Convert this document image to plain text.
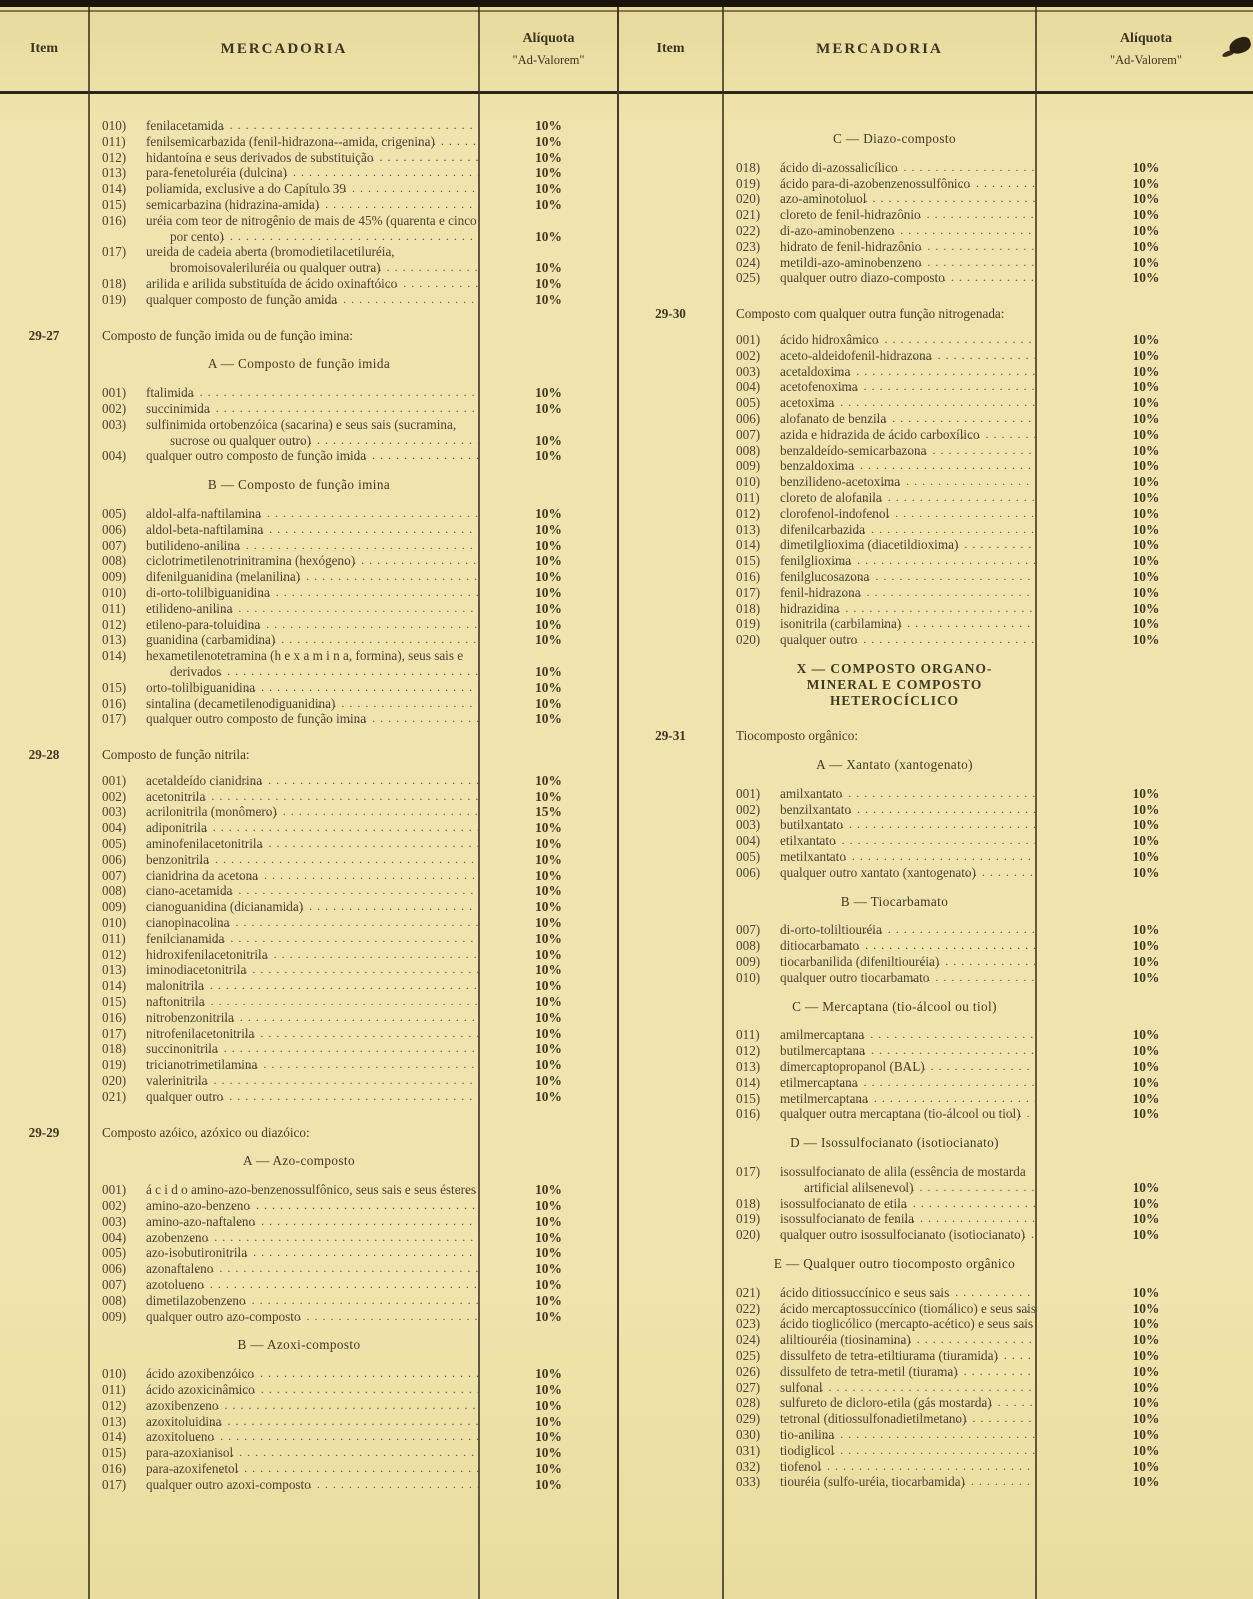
Item	MERCADORIA
Alíquota
"Ad-Valorem"
010)	fenilacetamida . . .	10%
011)	fenilsemicarbazida (fenil-hidrazona--amida, crigenina) . . .	10%
012)	hidantoína e seus derivados de substituição . . .	10%
013)	para-fenetoluréia (dulcina) . . .	10%
014)	poliamida, exclusive a do Capítulo 39 . . .	10%
015)	semicarbazina (hidrazina-amida) . . .	10%
016)	uréia com teor de nitrogênio de mais de 45% (quarenta e cinco por cento) . . .	10%
017)	ureida de cadeia aberta (bromodietilacetiluréia, bromoisovaleriluréia ou qualquer outra) . . .	10%
018)	arilida e arilida substituída de ácido oxinaftóico . . .	10%
019)	qualquer composto de função amida . . .	10%
29-27	Composto de função imida ou de função imina:
A — Composto de função imida
001)	ftalimida . . .	10%
002)	succinimida . . .	10%
003)	sulfinimida ortobenzóica (sacarina) e seus sais (sucramina, sucrose ou qualquer outro) . . .	10%
004)	qualquer outro composto de função imida . . .	10%
B — Composto de função imina
005)	aldol-alfa-naftilamina . . .	10%
006)	aldol-beta-naftilamina . . .	10%
007)	butilideno-anilina . . .	10%
008)	ciclotrimetilenotrinitramina (hexógeno) . . .	10%
009)	difenilguanidina (melanilina) . . .	10%
010)	di-orto-tolilbiguanidina . . .	10%
011)	etilideno-anilina . . .	10%
012)	etileno-para-toluidina . . .	10%
013)	guanidina (carbamidina) . . .	10%
014)	hexametilenotetramina (h e x a m i n a, formina), seus sais e derivados . . .	10%
015)	orto-tolilbiguanidina . . .	10%
016)	sintalina (decametilenodiguanidina) . . .	10%
017)	qualquer outro composto de função imina . . .	10%
29-28	Composto de função nitrila:
001)	acetaldeído cianidrina . . .	10%
002)	acetonitrila . . .	10%
003)	acrilonitrila (monômero) . . .	15%
004)	adiponitrila . . .	10%
005)	aminofenilacetonitrila . . .	10%
006)	benzonitrila . . .	10%
007)	cianidrina da acetona . . .	10%
008)	ciano-acetamida . . .	10%
009)	cianoguanidina (dicianamida) . . .	10%
010)	cianopinacolina . . .	10%
011)	fenilcianamida . . .	10%
012)	hidroxifenilacetonitrila . . .	10%
013)	iminodiacetonitrila . . .	10%
014)	malonitrila . . .	10%
015)	naftonitrila . . .	10%
016)	nitrobenzonitrila . . .	10%
017)	nitrofenilacetonitrila . . .	10%
018)	succinonitrila . . .	10%
019)	tricianotrimetilamina . . .	10%
020)	valerinitrila . . .	10%
021)	qualquer outro . . .	10%
29-29	Composto azóico, azóxico ou diazóico:
A — Azo-composto
001)	á c i d o amino-azo-benzenossulfônico, seus sais e seus ésteres . . .	10%
002)	amino-azo-benzeno . . .	10%
003)	amino-azo-naftaleno . . .	10%
004)	azobenzeno . . .	10%
005)	azo-isobutironitrila . . .	10%
006)	azonaftaleno . . .	10%
007)	azotolueno . . .	10%
008)	dimetilazobenzeno . . .	10%
009)	qualquer outro azo-composto . . .	10%
B — Azoxi-composto
010)	ácido azoxibenzóico . . .	10%
011)	ácido azoxicinâmico . . .	10%
012)	azoxibenzeno . . .	10%
013)	azoxitoluidina . . .	10%
014)	azoxitolueno . . .	10%
015)	para-azoxianisol . . .	10%
016)	para-azoxifenetol . . .	10%
017)	qualquer outro azoxi-composto . . .	10%
Item	MERCADORIA
Alíquota
"Ad-Valorem"
C — Diazo-composto
018)	ácido di-azossalicílico . . .	10%
019)	ácido para-di-azobenzenossulfônico . . .	10%
020)	azo-aminotoluol . . .	10%
021)	cloreto de fenil-hidrazônio . . .	10%
022)	di-azo-aminobenzeno . . .	10%
023)	hidrato de fenil-hidrazônio . . .	10%
024)	metildi-azo-aminobenzeno . . .	10%
025)	qualquer outro diazo-composto . . .	10%
29-30	Composto com qualquer outra função nitrogenada:
001)	ácido hidroxâmico . . .	10%
002)	aceto-aldeidofenil-hidrazona . . .	10%
003)	acetaldoxima . . .	10%
004)	acetofenoxima . . .	10%
005)	acetoxima . . .	10%
006)	alofanato de benzila . . .	10%
007)	azida e hidrazida de ácido carboxílico . . .	10%
008)	benzaldeído-semicarbazona . . .	10%
009)	benzaldoxima . . .	10%
010)	benzilideno-acetoxima . . .	10%
011)	cloreto de alofanila . . .	10%
012)	clorofenol-indofenol . . .	10%
013)	difenilcarbazida . . .	10%
014)	dimetilglioxima (diacetildioxima) . . .	10%
015)	fenilglioxima . . .	10%
016)	fenilglucosazona . . .	10%
017)	fenil-hidrazona . . .	10%
018)	hidrazidina . . .	10%
019)	isonitrila (carbilamina) . . .	10%
020)	qualquer outro . . .	10%
X — COMPOSTO ORGANO-MINERAL E COMPOSTO HETEROCÍCLICO
29-31	Tiocomposto orgânico:
A — Xantato (xantogenato)
001)	amilxantato . . .	10%
002)	benzilxantato . . .	10%
003)	butilxantato . . .	10%
004)	etilxantato . . .	10%
005)	metilxantato . . .	10%
006)	qualquer outro xantato (xantogenato) . . .	10%
B — Tiocarbamato
007)	di-orto-toliltiouréia . . .	10%
008)	ditiocarbamato . . .	10%
009)	tiocarbanilida (difeniltiouréia) . . .	10%
010)	qualquer outro tiocarbamato . . .	10%
C — Mercaptana (tio-álcool ou tiol)
011)	amilmercaptana . . .	10%
012)	butilmercaptana . . .	10%
013)	dimercaptopropanol (BAL) . . .	10%
014)	etilmercaptana . . .	10%
015)	metilmercaptana . . .	10%
016)	qualquer outra mercaptana (tio-álcool ou tiol) . . .	10%
D — Isossulfocianato (isotiocianato)
017)	isossulfocianato de alila (essência de mostarda artificial alilsenevol) . . .	10%
018)	isossulfocianato de etila . . .	10%
019)	isossulfocianato de fenila . . .	10%
020)	qualquer outro isossulfocianato (isotiocianato) . . .	10%
E — Qualquer outro tiocomposto orgânico
021)	ácido ditiossuccínico e seus sais . . .	10%
022)	ácido mercaptossuccínico (tiomálico) e seus sais . . .	10%
023)	ácido tioglicólico (mercapto-acético) e seus sais . . .	10%
024)	aliltiouréia (tiosinamina) . . .	10%
025)	dissulfeto de tetra-etiltiurama (tiuramida) . . .	10%
026)	dissulfeto de tetra-metil (tiurama) . . .	10%
027)	sulfonal . . .	10%
028)	sulfureto de dicloro-etila (gás mostarda) . . .	10%
029)	tetronal (ditiossulfonadietilmetano) . . .	10%
030)	tio-anilina . . .	10%
031)	tiodiglicol . . .	10%
032)	tiofenol . . .	10%
033)	tiouréia (sulfo-uréia, tiocarbamida) . . .	10%
